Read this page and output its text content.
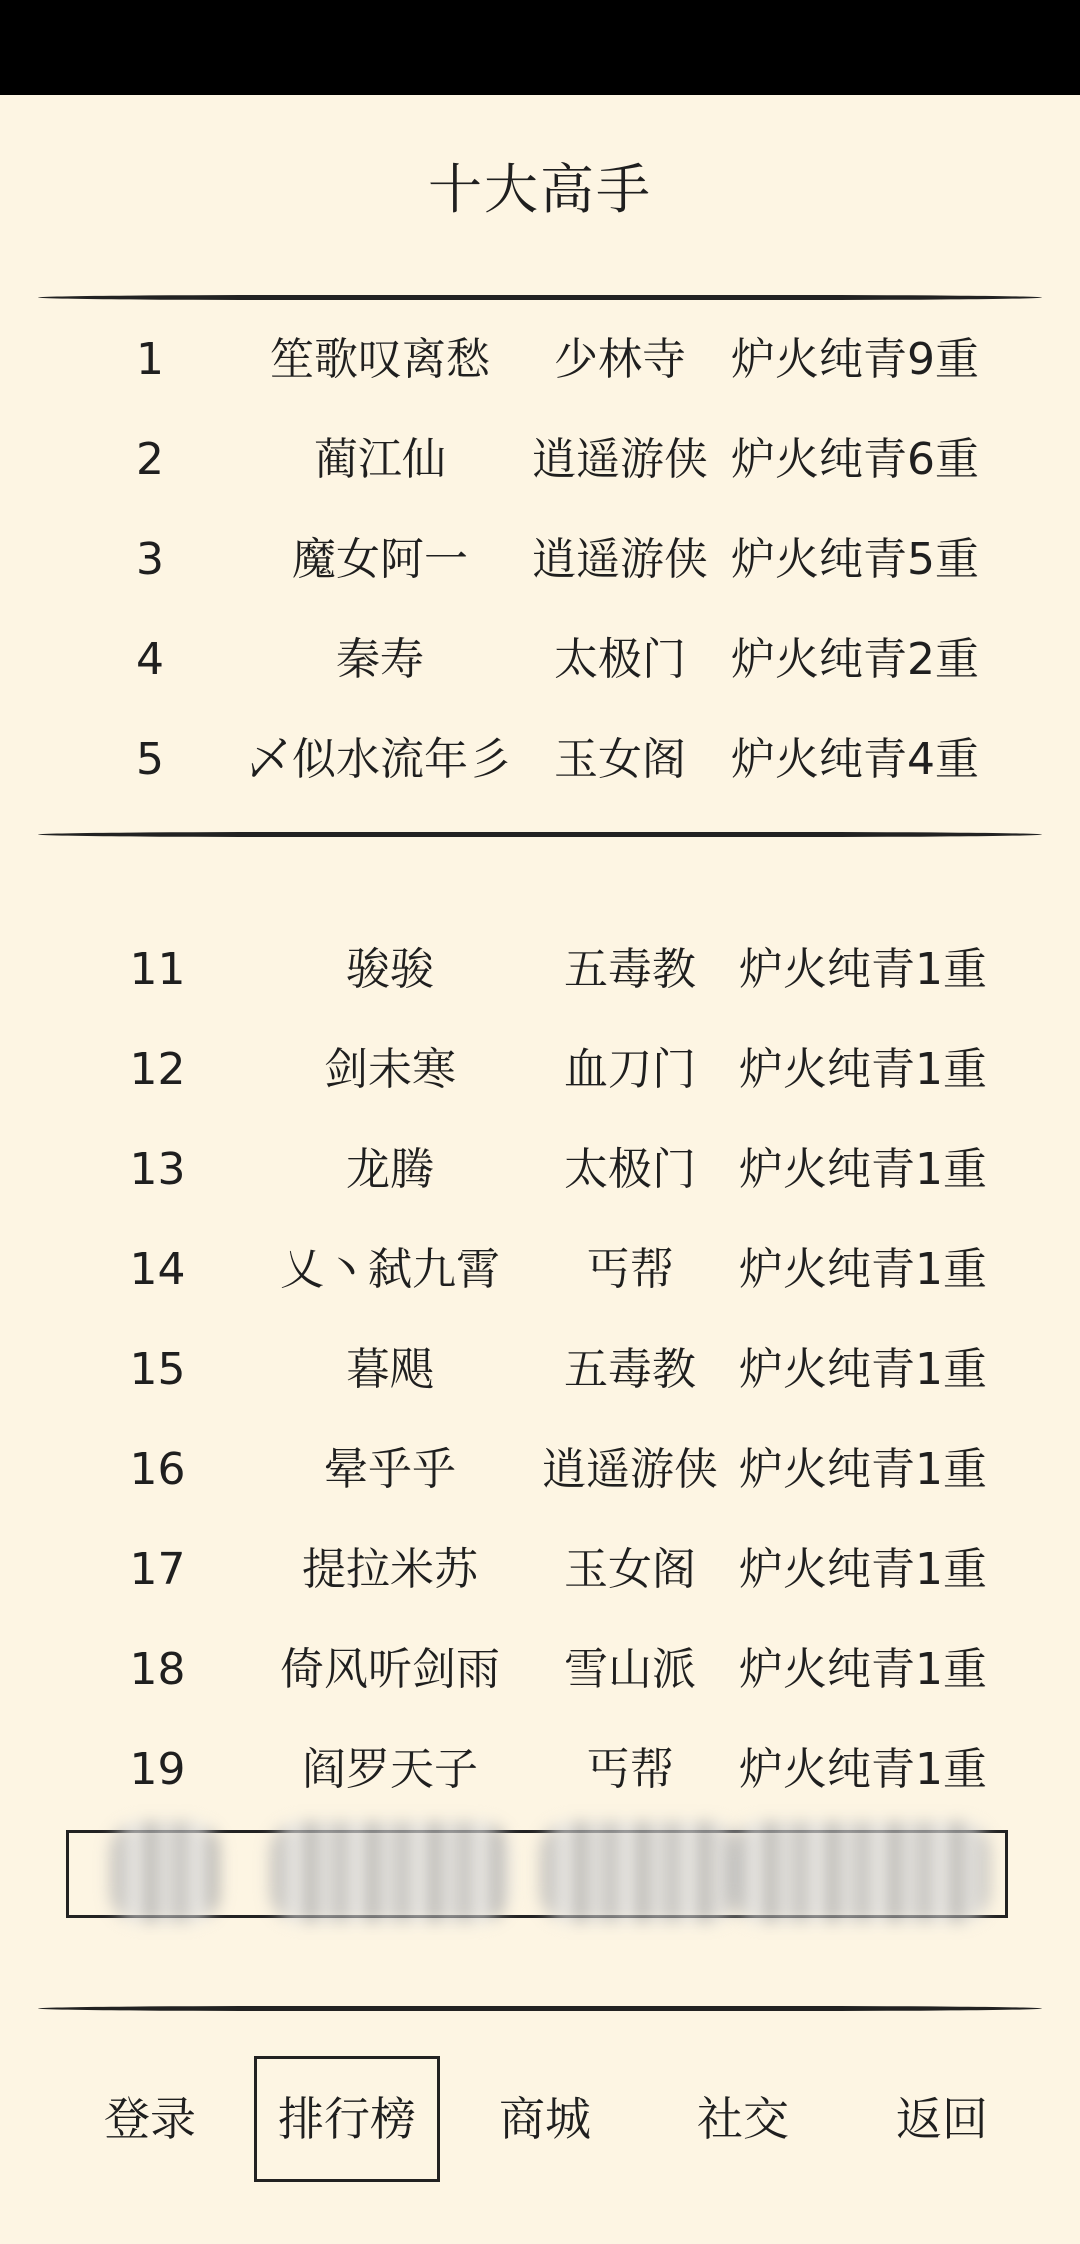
十大高手
1	笙歌叹离愁	少林寺	炉火纯青9重
2	蔺江仙	逍遥游侠 炉火纯青6重
3	魔女阿一	逍遥游侠 炉火纯青5重
4	秦寿	太极门	炉火纯青2重
5	乄似水流年彡 玉女阁	炉火纯青4重
11	骏骏	五毒教 炉火纯青1重
12	剑未寒	血刀门 炉火纯青1重
13	龙腾	太极门 炉火纯青1重
14	乂丶弑九霄	丐帮	炉火纯青1重
15	暮飓	五毒教 炉火纯青1重
16	晕乎乎	逍遥游侠 炉火纯青1重
17	提拉米苏	玉女阁 炉火纯青1重
18	倚风听剑雨	雪山派 炉火纯青1重
19	阎罗天子	丐帮	炉火纯青1重
登录	排行榜	商城	社交	返回
